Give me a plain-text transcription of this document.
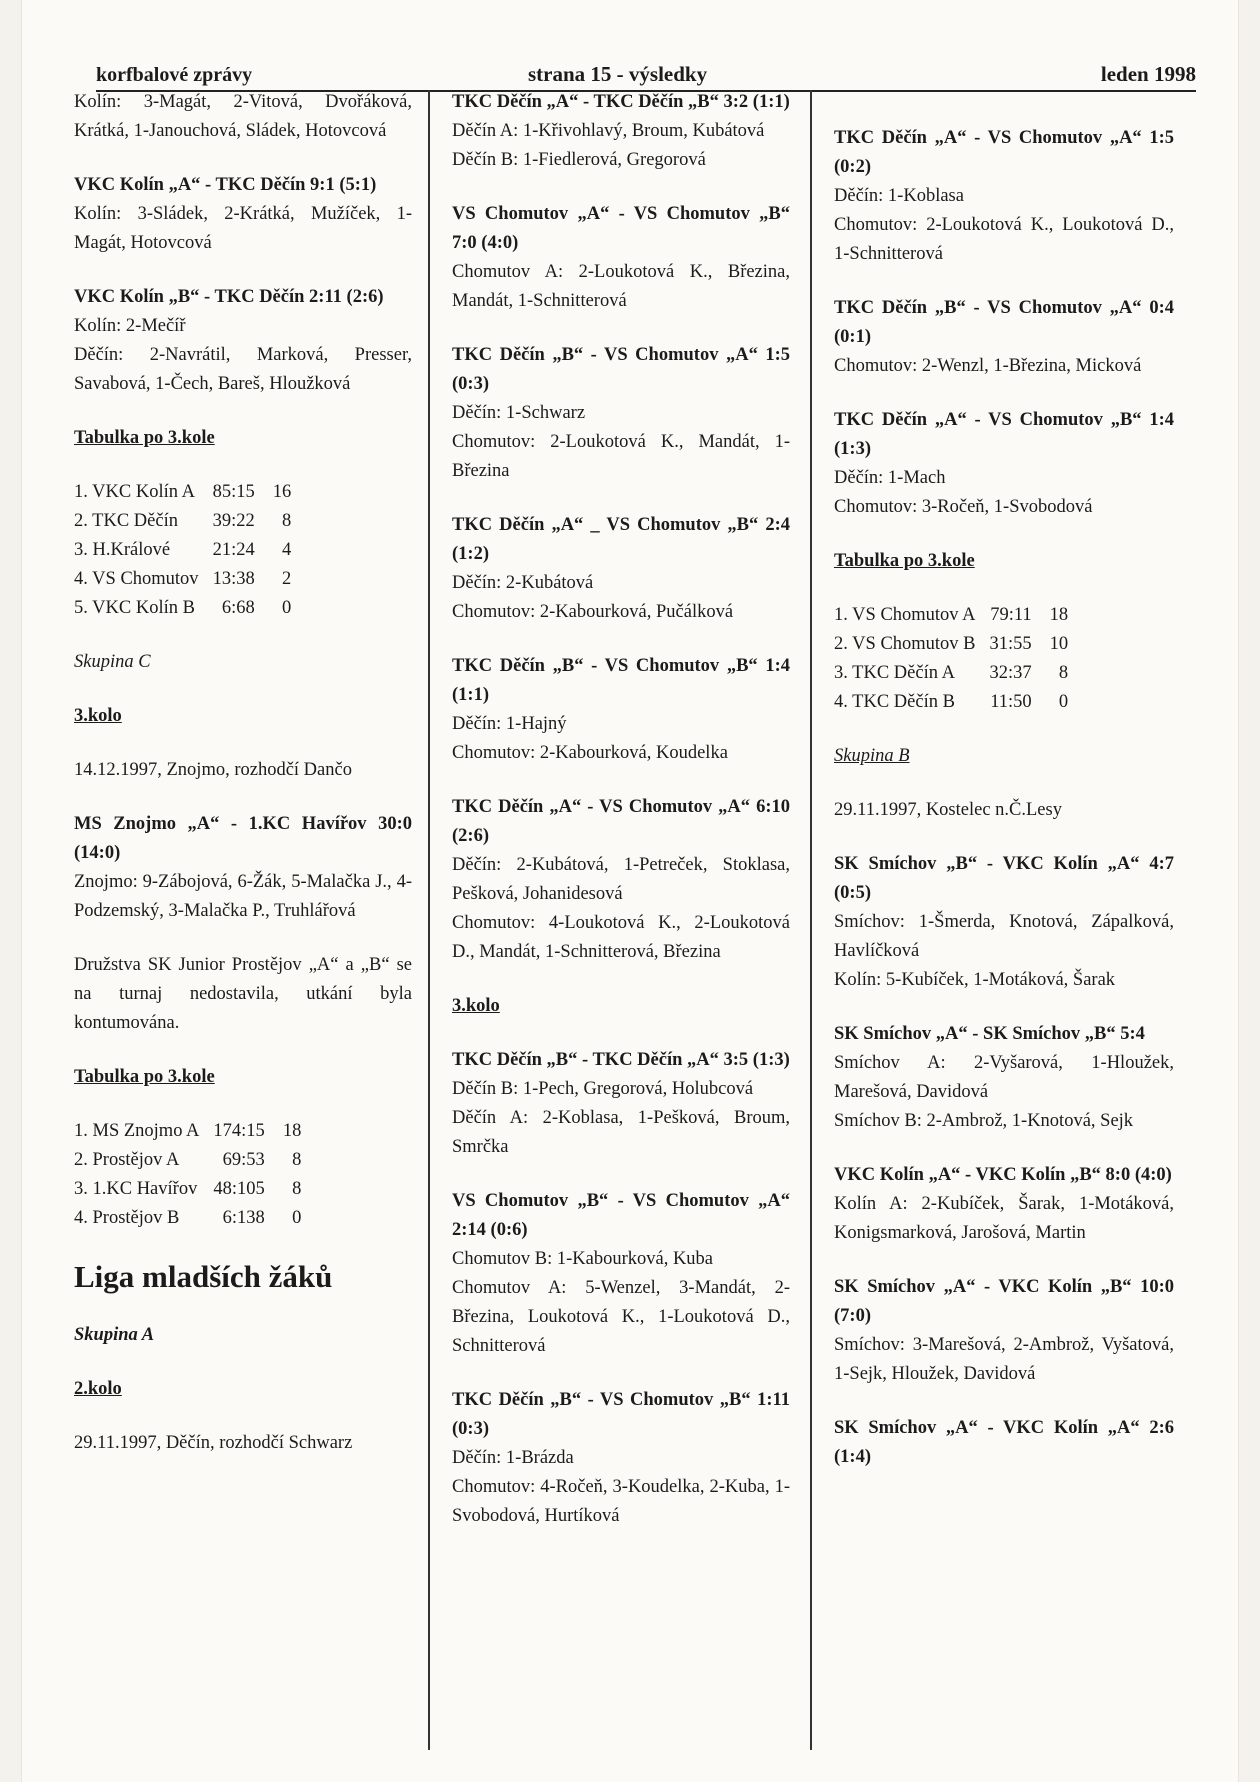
korfbalové zprávy	strana 15 - výsledky	leden 1998
Kolín: 3-Magát, 2-Vitová, Dvořáková, Krátká, 1-Janouchová, Sládek, Hotovcová
VKC Kolín „A“ - TKC Děčín 9:1 (5:1)
Kolín: 3-Sládek, 2-Krátká, Mužíček, 1-Magát, Hotovcová
VKC Kolín „B“ - TKC Děčín 2:11 (2:6)
Kolín: 2-Mečíř
Děčín: 2-Navrátil, Marková, Presser, Savabová, 1-Čech, Bareš, Hloužková
Tabulka po 3.kole
1. VKC Kolín A	85:15	16
2. TKC Děčín	39:22	8
3. H.Králové	21:24	4
4. VS Chomutov	13:38	2
5. VKC Kolín B	6:68	0
Skupina C
3.kolo
14.12.1997, Znojmo, rozhodčí Dančo
MS Znojmo „A“ - 1.KC Havířov 30:0 (14:0)
Znojmo: 9-Zábojová, 6-Žák, 5-Malačka J., 4-Podzemský, 3-Malačka P., Truhlářová
Družstva SK Junior Prostějov „A“ a „B“ se na turnaj nedostavila, utkání byla kontumována.
Tabulka po 3.kole
1. MS Znojmo A	174:15	18
2. Prostějov A	69:53	8
3. 1.KC Havířov	48:105	8
4. Prostějov B	6:138	0
Liga mladších žáků
Skupina A
2.kolo
29.11.1997, Děčín, rozhodčí Schwarz
TKC Děčín „A“ - TKC Děčín „B“ 3:2 (1:1)
Děčín A: 1-Křivohlavý, Broum, Kubátová
Děčín B: 1-Fiedlerová, Gregorová
VS Chomutov „A“ - VS Chomutov „B“ 7:0 (4:0)
Chomutov A: 2-Loukotová K., Březina, Mandát, 1-Schnitterová
TKC Děčín „B“ - VS Chomutov „A“ 1:5 (0:3)
Děčín: 1-Schwarz
Chomutov: 2-Loukotová K., Mandát, 1-Březina
TKC Děčín „A“ _ VS Chomutov „B“ 2:4 (1:2)
Děčín: 2-Kubátová
Chomutov: 2-Kabourková, Pučálková
TKC Děčín „B“ - VS Chomutov „B“ 1:4 (1:1)
Děčín: 1-Hajný
Chomutov: 2-Kabourková, Koudelka
TKC Děčín „A“ - VS Chomutov „A“ 6:10 (2:6)
Děčín: 2-Kubátová, 1-Petreček, Stoklasa, Pešková, Johanidesová
Chomutov: 4-Loukotová K., 2-Loukotová D., Mandát, 1-Schnitterová, Březina
3.kolo
TKC Děčín „B“ - TKC Děčín „A“ 3:5 (1:3)
Děčín B: 1-Pech, Gregorová, Holubcová
Děčín A: 2-Koblasa, 1-Pešková, Broum, Smrčka
VS Chomutov „B“ - VS Chomutov „A“ 2:14 (0:6)
Chomutov B: 1-Kabourková, Kuba
Chomutov A: 5-Wenzel, 3-Mandát, 2-Březina, Loukotová K., 1-Loukotová D., Schnitterová
TKC Děčín „B“ - VS Chomutov „B“ 1:11 (0:3)
Děčín: 1-Brázda
Chomutov: 4-Ročeň, 3-Koudelka, 2-Kuba, 1-Svobodová, Hurtíková
TKC Děčín „A“ - VS Chomutov „A“ 1:5 (0:2)
Děčín: 1-Koblasa
Chomutov: 2-Loukotová K., Loukotová D., 1-Schnitterová
TKC Děčín „B“ - VS Chomutov „A“ 0:4 (0:1)
Chomutov: 2-Wenzl, 1-Březina, Micková
TKC Děčín „A“ - VS Chomutov „B“ 1:4 (1:3)
Děčín: 1-Mach
Chomutov: 3-Ročeň, 1-Svobodová
Tabulka po 3.kole
1. VS Chomutov A	79:11	18
2. VS Chomutov B	31:55	10
3. TKC Děčín A	32:37	8
4. TKC Děčín B	11:50	0
Skupina B
29.11.1997, Kostelec n.Č.Lesy
SK Smíchov „B“ - VKC Kolín „A“ 4:7 (0:5)
Smíchov: 1-Šmerda, Knotová, Zápalková, Havlíčková
Kolín: 5-Kubíček, 1-Motáková, Šarak
SK Smíchov „A“ - SK Smíchov „B“ 5:4
Smíchov A: 2-Vyšarová, 1-Hloužek, Marešová, Davidová
Smíchov B: 2-Ambrož, 1-Knotová, Sejk
VKC Kolín „A“ - VKC Kolín „B“ 8:0 (4:0)
Kolín A: 2-Kubíček, Šarak, 1-Motáková, Konigsmarková, Jarošová, Martin
SK Smíchov „A“ - VKC Kolín „B“ 10:0 (7:0)
Smíchov: 3-Marešová, 2-Ambrož, Vyšatová, 1-Sejk, Hloužek, Davidová
SK Smíchov „A“ - VKC Kolín „A“ 2:6 (1:4)
